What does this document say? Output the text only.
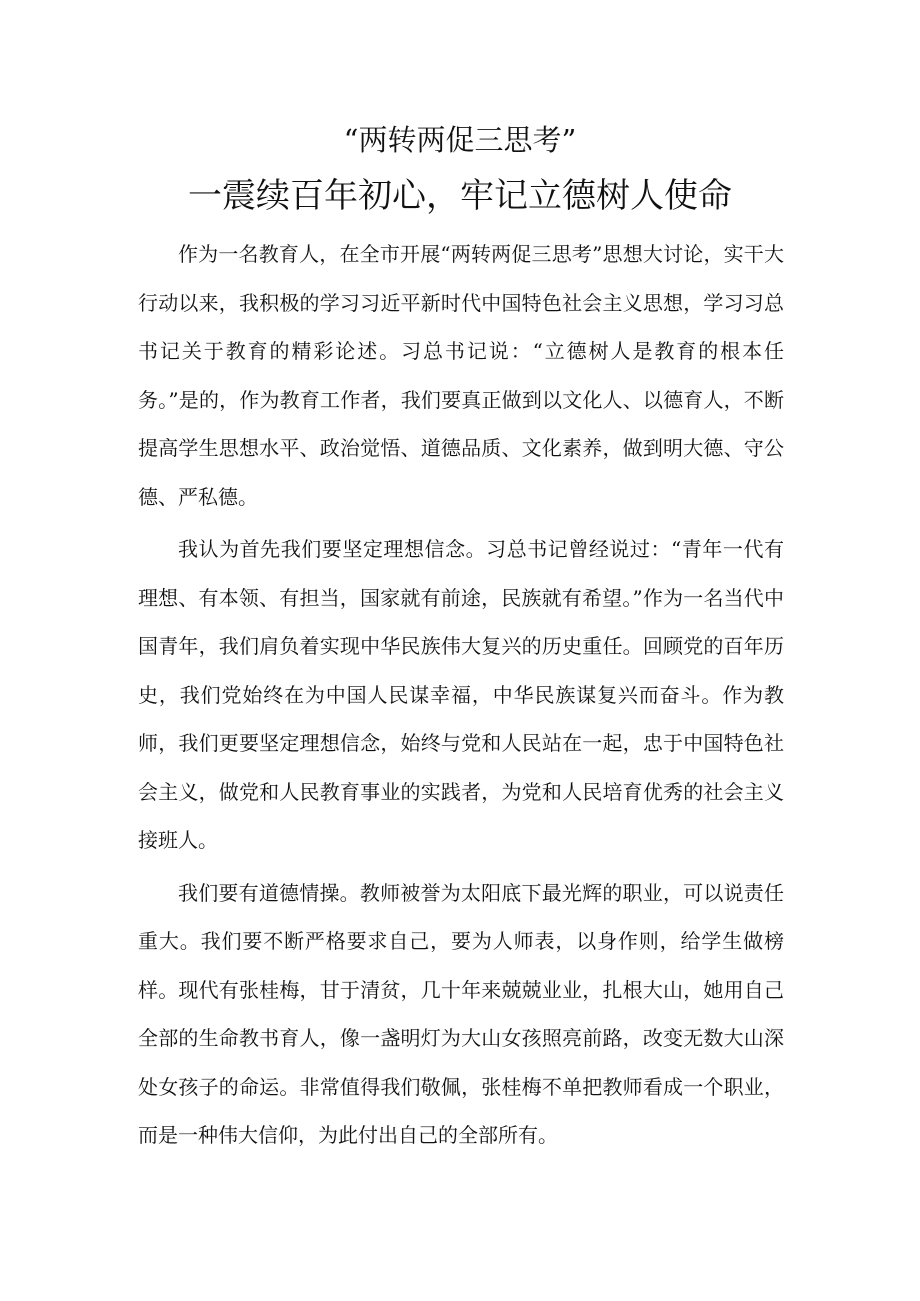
“两转两促三思考”
一震续百年初心，牢记立德树人使命

作为一名教育人，在全市开展“两转两促三思考”思想大讨论，实干大行动以来，我积极的学习习近平新时代中国特色社会主义思想，学习习总书记关于教育的精彩论述。习总书记说：“立德树人是教育的根本任务。”是的，作为教育工作者，我们要真正做到以文化人、以德育人，不断提高学生思想水平、政治觉悟、道德品质、文化素养，做到明大德、守公德、严私德。

我认为首先我们要坚定理想信念。习总书记曾经说过：“青年一代有理想、有本领、有担当，国家就有前途，民族就有希望。”作为一名当代中国青年，我们肩负着实现中华民族伟大复兴的历史重任。回顾党的百年历史，我们党始终在为中国人民谋幸福，中华民族谋复兴而奋斗。作为教师，我们更要坚定理想信念，始终与党和人民站在一起，忠于中国特色社会主义，做党和人民教育事业的实践者，为党和人民培育优秀的社会主义接班人。

我们要有道德情操。教师被誉为太阳底下最光辉的职业，可以说责任重大。我们要不断严格要求自己，要为人师表，以身作则，给学生做榜样。现代有张桂梅，甘于清贫，几十年来兢兢业业，扎根大山，她用自己全部的生命教书育人，像一盏明灯为大山女孩照亮前路，改变无数大山深处女孩子的命运。非常值得我们敬佩，张桂梅不单把教师看成一个职业，而是一种伟大信仰，为此付出自己的全部所有。
